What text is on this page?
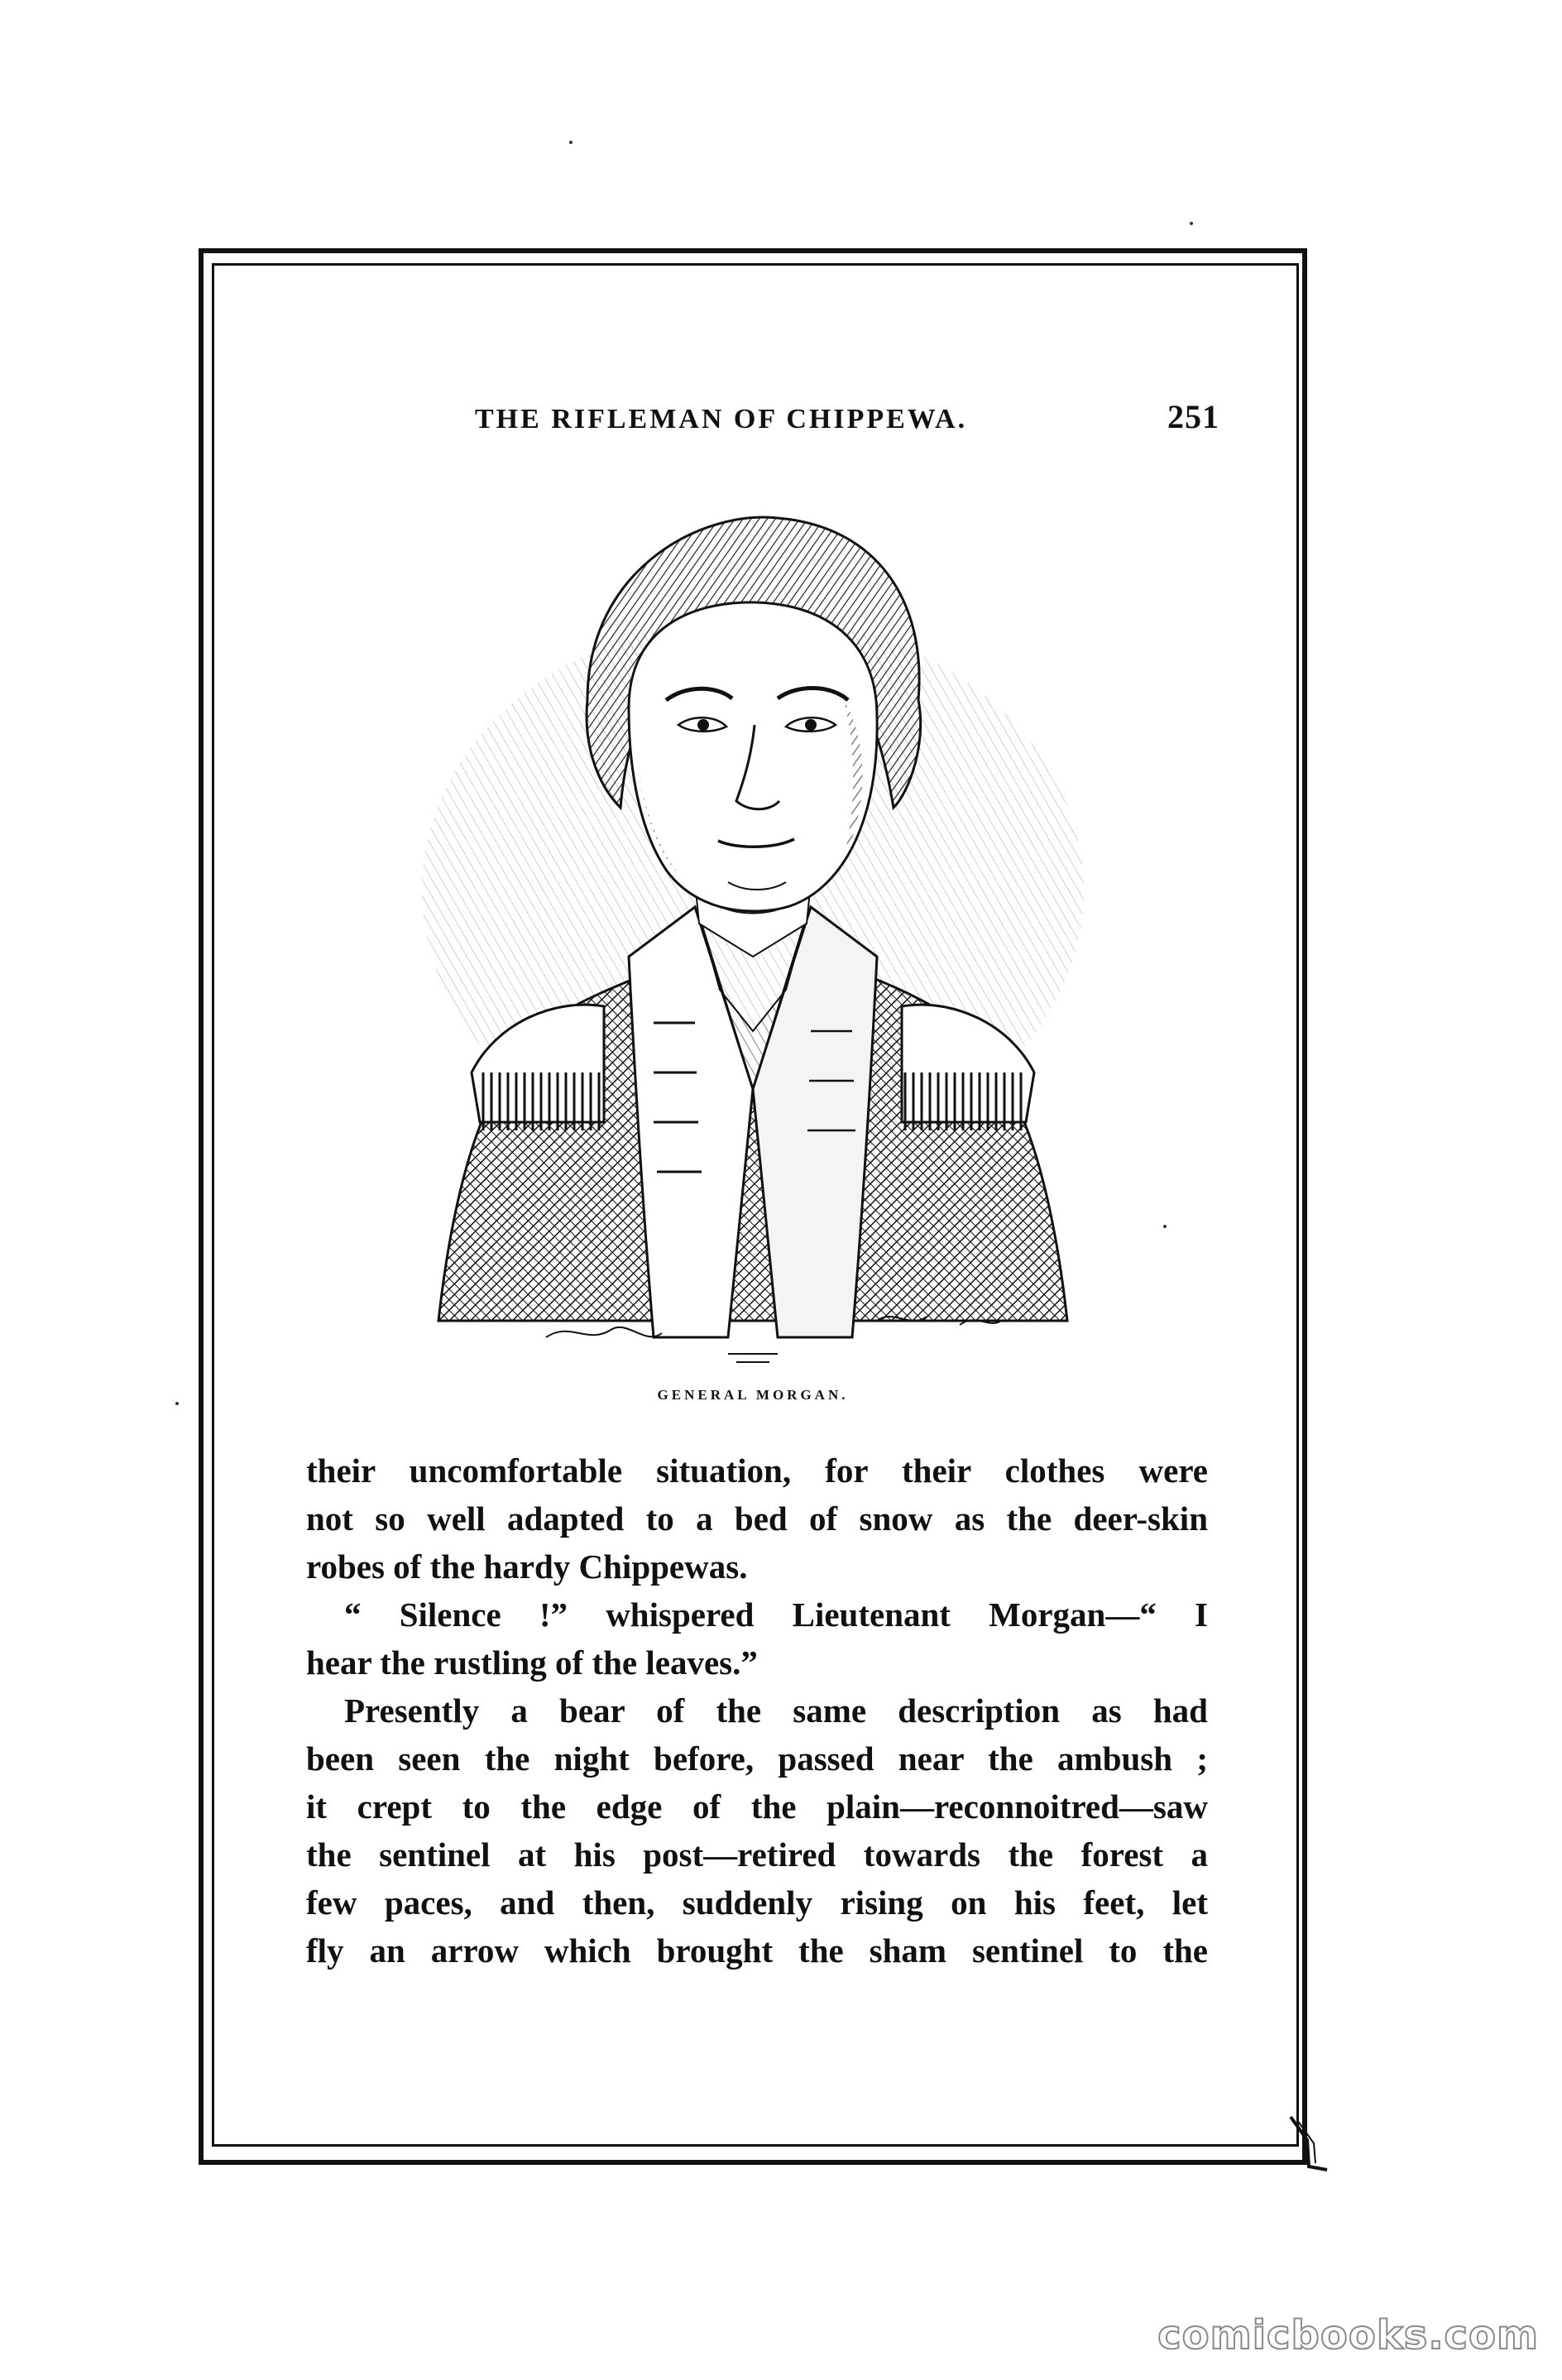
THE RIFLEMAN OF CHIPPEWA.	251
GENERAL MORGAN.
their uncomfortable situation, for their clothes were
not so well adapted to a bed of snow as the deer-skin
robes of the hardy Chippewas.
“ Silence !” whispered Lieutenant Morgan—“ I
hear the rustling of the leaves.”
Presently a bear of the same description as had
been seen the night before, passed near the ambush ;
it crept to the edge of the plain—reconnoitred—saw
the sentinel at his post—retired towards the forest a
few paces, and then, suddenly rising on his feet, let
fly an arrow which brought the sham sentinel to the
comicbooks.com
